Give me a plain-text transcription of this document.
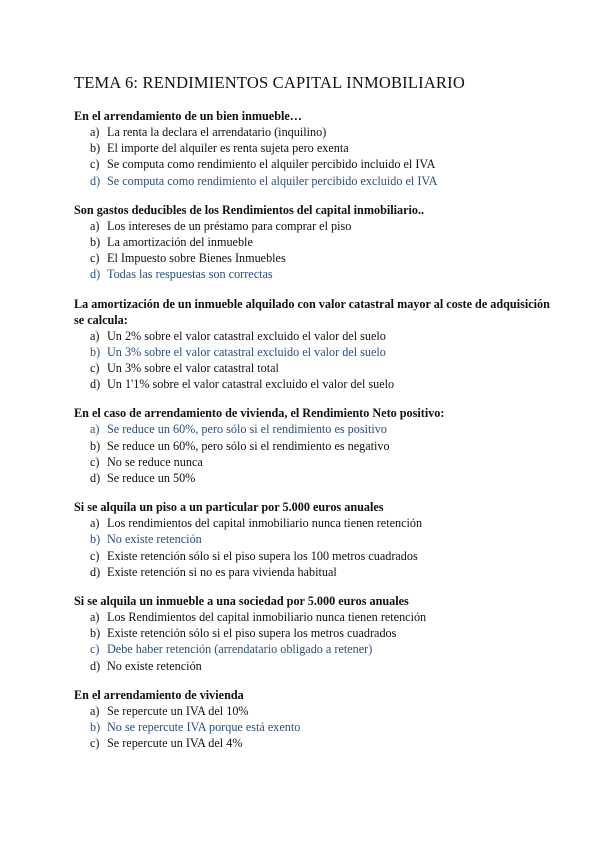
TEMA 6: RENDIMIENTOS CAPITAL INMOBILIARIO

En el arrendamiento de un bien inmueble…

a) La renta la declara el arrendatario (inquilino)
b) El importe del alquiler es renta sujeta pero exenta
c) Se computa como rendimiento el alquiler percibido incluido el IVA
d) Se computa como rendimiento el alquiler percibido excluido el IVA

Son gastos deducibles de los Rendimientos del capital inmobiliario..

a) Los intereses de un préstamo para comprar el piso
b) La amortización del inmueble
c) El Impuesto sobre Bienes Inmuebles
d) Todas las respuestas son correctas

La amortización de un inmueble alquilado con valor catastral mayor al coste de adquisición se calcula:

a) Un 2% sobre el valor catastral excluido el valor del suelo
b) Un 3% sobre el valor catastral excluido el valor del suelo
c) Un 3% sobre el valor catastral total
d) Un 1'1% sobre el valor catastral excluido el valor del suelo

En el caso de arrendamiento de vivienda, el Rendimiento Neto positivo:

a) Se reduce un 60%, pero sólo si el rendimiento es positivo
b) Se reduce un 60%, pero sólo si el rendimiento es negativo
c) No se reduce nunca
d) Se reduce un 50%

Si se alquila un piso a un particular por 5.000 euros anuales

a) Los rendimientos del capital inmobiliario nunca tienen retención
b) No existe retención
c) Existe retención sólo si el piso supera los 100 metros cuadrados
d) Existe retención si no es para vivienda habitual

Si se alquila un inmueble a una sociedad por 5.000 euros anuales

a) Los Rendimientos del capital inmobiliario nunca tienen retención
b) Existe retención sólo si el piso supera los metros cuadrados
c) Debe haber retención (arrendatario obligado a retener)
d) No existe retención

En el arrendamiento de vivienda

a) Se repercute un IVA del 10%
b) No se repercute IVA porque está exento
c) Se repercute un IVA del 4%
